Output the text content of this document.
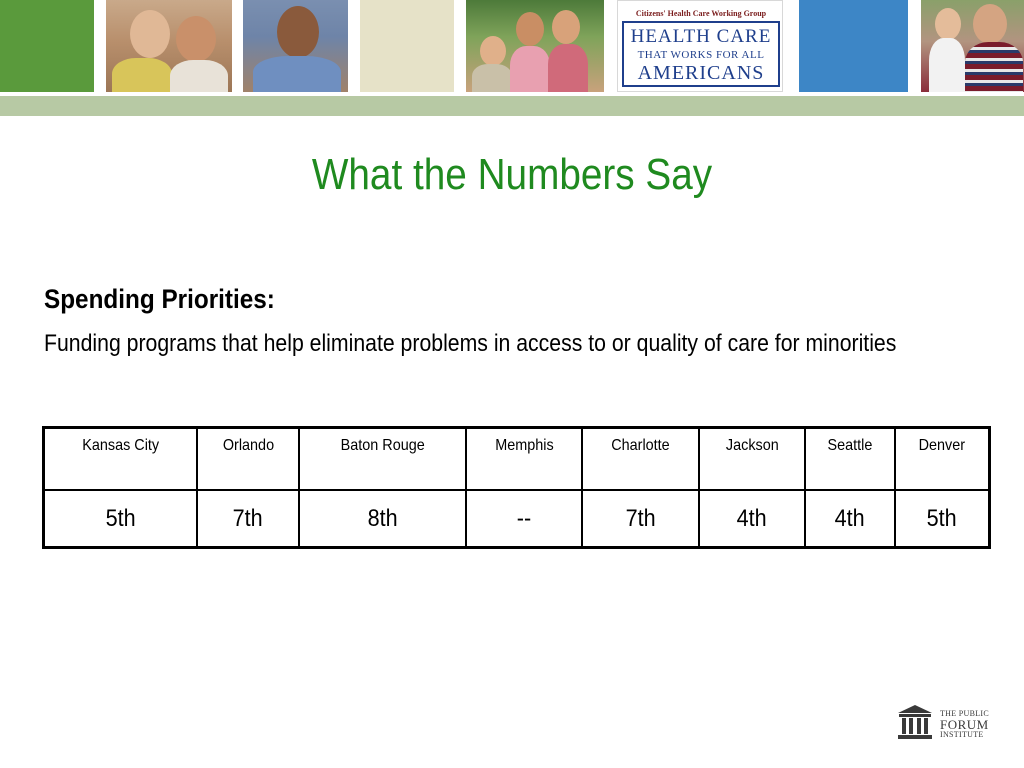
Citizens' Health Care Working Group
HEALTH CARE
THAT WORKS FOR ALL
AMERICANS
What the Numbers Say
Spending Priorities:
Funding programs that help eliminate problems in access to or quality of care for minorities
Kansas City	Orlando	Baton Rouge	Memphis	Charlotte	Jackson	Seattle	Denver
5th	7th	8th	--	7th	4th	4th	5th
THE PUBLIC
FORUM
INSTITUTE
